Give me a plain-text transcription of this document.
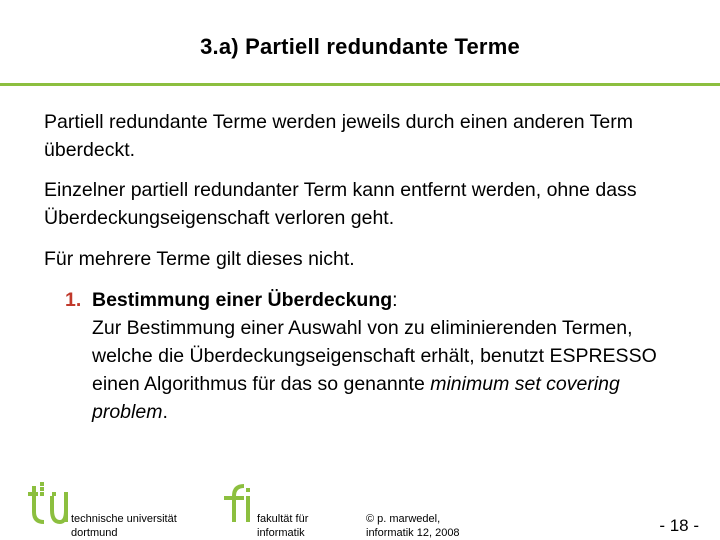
3.a) Partiell redundante Terme
Partiell redundante Terme werden jeweils durch einen anderen Term überdeckt.
Einzelner partiell redundanter Term kann entfernt werden, ohne dass Überdeckungseigenschaft verloren geht.
Für mehrere Terme gilt dieses nicht.
1. Bestimmung einer Überdeckung:
Zur Bestimmung einer Auswahl von zu eliminierenden Termen, welche die Überdeckungseigenschaft erhält, benutzt ESPRESSO einen Algorithmus für das so genannte minimum set covering problem.
technische universität
dortmund
fakultät für
informatik
© p. marwedel,
informatik 12, 2008	- 18 -
